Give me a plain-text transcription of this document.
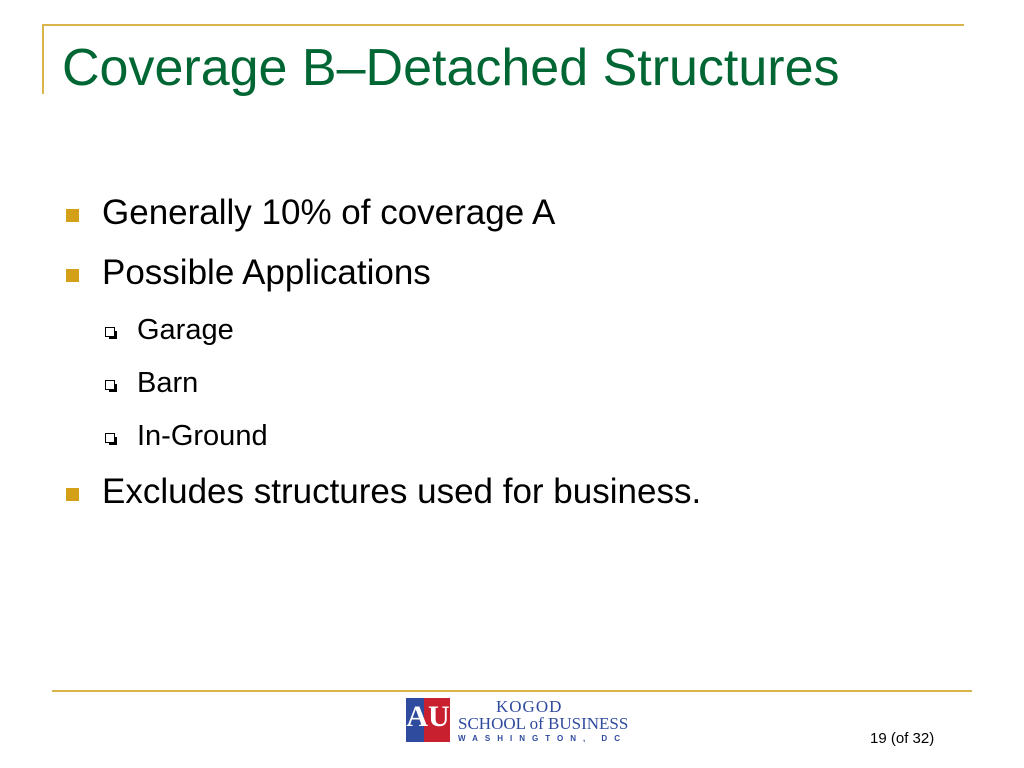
Coverage B–Detached Structures
Generally 10% of coverage A
Possible Applications
Garage
Barn
In-Ground
Excludes structures used for business.
AU	KOGOD
SCHOOL of BUSINESS
WASHINGTON, DC	19 (of 32)
